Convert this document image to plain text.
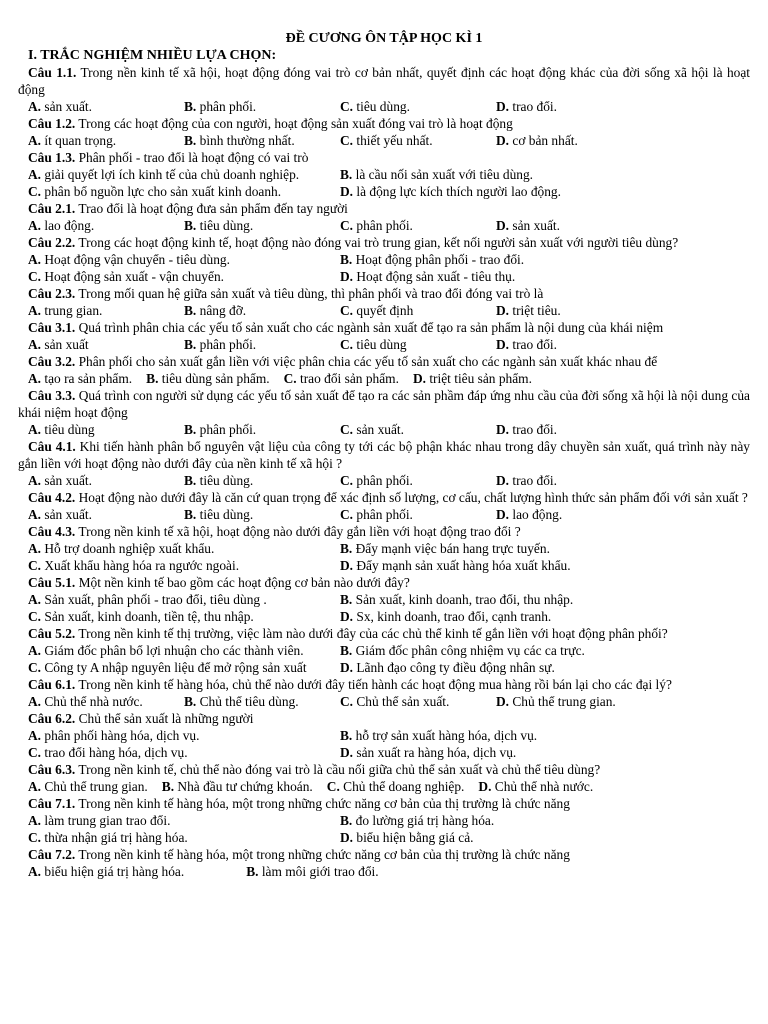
ĐỀ CƯƠNG ÔN TẬP HỌC KÌ 1

I. TRẮC NGHIỆM NHIỀU LỰA CHỌN:

Câu 1.1. Trong nền kinh tế xã hội, hoạt động đóng vai trò cơ bản nhất, quyết định các hoạt động khác của đời sống xã hội là hoạt động

A. sản xuất.	B. phân phối.	C. tiêu dùng.	D. trao đổi.

Câu 1.2. Trong các hoạt động của con người, hoạt động sản xuất đóng vai trò là hoạt động

A. ít quan trọng.	B. bình thường nhất.	C. thiết yếu nhất.	D. cơ bản nhất.

Câu 1.3. Phân phối - trao đổi là hoạt động có vai trò

A. giải quyết lợi ích kinh tế của chủ doanh nghiệp.	B. là cầu nối sản xuất với tiêu dùng.
C. phân bổ nguồn lực cho sản xuất kinh doanh.	D. là động lực kích thích người lao động.

Câu 2.1. Trao đổi là hoạt động đưa sản phẩm đến tay người

A. lao động.	B. tiêu dùng.	C. phân phối.	D. sản xuất.

Câu 2.2. Trong các hoạt động kinh tế, hoạt động nào đóng vai trò trung gian, kết nối người sản xuất với người tiêu dùng?

A. Hoạt động vận chuyển - tiêu dùng.	B. Hoạt động phân phối - trao đổi.
C. Hoạt động sản xuất - vận chuyển.	D. Hoạt động sản xuất - tiêu thụ.

Câu 2.3. Trong mối quan hệ giữa sản xuất và tiêu dùng, thì phân phối và trao đổi đóng vai trò là

A. trung gian.	B. nâng đỡ.	C. quyết định	D. triệt tiêu.

Câu 3.1. Quá trình phân chia các yếu tố sản xuất cho các ngành sản xuất để tạo ra sản phẩm là nội dung của khái niệm

A. sản xuất	B. phân phối.	C. tiêu dùng	D. trao đổi.

Câu 3.2. Phân phối cho sản xuất gắn liền với việc phân chia các yếu tố sản xuất cho các ngành sản xuất khác nhau để

A. tạo ra sản phẩm. B. tiêu dùng sản phẩm. C. trao đổi sản phẩm. D. triệt tiêu sản phẩm.

Câu 3.3. Quá trình con người sử dụng các yếu tố sản xuất để tạo ra các sản phầm đáp ứng nhu cầu của đời sống xã hội là nội dung của khái niệm hoạt động

A. tiêu dùng	B. phân phối.	C. sản xuất.	D. trao đổi.

Câu 4.1. Khi tiến hành phân bổ nguyên vật liệu của công ty tới các bộ phận khác nhau trong dây chuyền sản xuất, quá trình này này gắn liền với hoạt động nào dưới đây của nền kinh tế xã hội ?

A. sản xuất.	B. tiêu dùng.	C. phân phối.	D. trao đổi.

Câu 4.2. Hoạt động nào dưới đây là căn cứ quan trọng để xác định số lượng, cơ cấu, chất lượng hình thức sản phẩm đối với sản xuất ?

A. sản xuất.	B. tiêu dùng.	C. phân phối.	D. lao động.

Câu 4.3. Trong nền kinh tế xã hội, hoạt động nào dưới đây gắn liền với hoạt động trao đổi ?

A. Hỗ trợ doanh nghiệp xuất khẩu.	B. Đẩy mạnh việc bán hang trực tuyến.
C. Xuất khẩu hàng hóa ra ngước ngoài.	D. Đẩy mạnh sản xuất hàng hóa xuất khẩu.

Câu 5.1. Một nền kinh tế bao gồm các hoạt động cơ bản nào dưới đây?

A. Sản xuất, phân phối - trao đổi, tiêu dùng .	B. Sản xuất, kinh doanh, trao đổi, thu nhập.
C. Sản xuất, kinh doanh, tiền tệ, thu nhập.	D. Sx, kinh doanh, trao đổi, cạnh tranh.

Câu 5.2. Trong nền kinh tế thị trường, việc làm nào dưới đây của các chủ thể kinh tế gắn liền với hoạt động phân phối?

A. Giám đốc phân bổ lợi nhuận cho các thành viên.	B. Giám đốc phân công nhiệm vụ các ca trực.
C. Công ty A nhập nguyên liệu để mở rộng sản xuất	D. Lãnh đạo công ty điều động nhân sự.

Câu 6.1. Trong nền kinh tế hàng hóa, chủ thể nào dưới đây tiến hành các hoạt động mua hàng rồi bán lại cho các đại lý?

A. Chủ thể nhà nước.	B. Chủ thể tiêu dùng.	C. Chủ thể sản xuất.	D. Chủ thể trung gian.

Câu 6.2. Chủ thể sản xuất là những người

A. phân phối hàng hóa, dịch vụ.	B. hỗ trợ sản xuất hàng hóa, dịch vụ.
C. trao đổi hàng hóa, dịch vụ.	D. sản xuất ra hàng hóa, dịch vụ.

Câu 6.3. Trong nền kinh tế, chủ thể nào đóng vai trò là cầu nối giữa chủ thể sản xuất và chủ thể tiêu dùng?

A. Chủ thể trung gian. B. Nhà đầu tư chứng khoán. C. Chủ thể doang nghiệp. D. Chủ thể nhà nước.

Câu 7.1. Trong nền kinh tế hàng hóa, một trong những chức năng cơ bản của thị trường là chức năng

A. làm trung gian trao đổi.	B. đo lường giá trị hàng hóa.
C. thừa nhận giá trị hàng hóa.	D. biểu hiện bằng giá cả.

Câu 7.2. Trong nền kinh tế hàng hóa, một trong những chức năng cơ bản của thị trường là chức năng

A. biểu hiện giá trị hàng hóa.	B. làm môi giới trao đổi.
